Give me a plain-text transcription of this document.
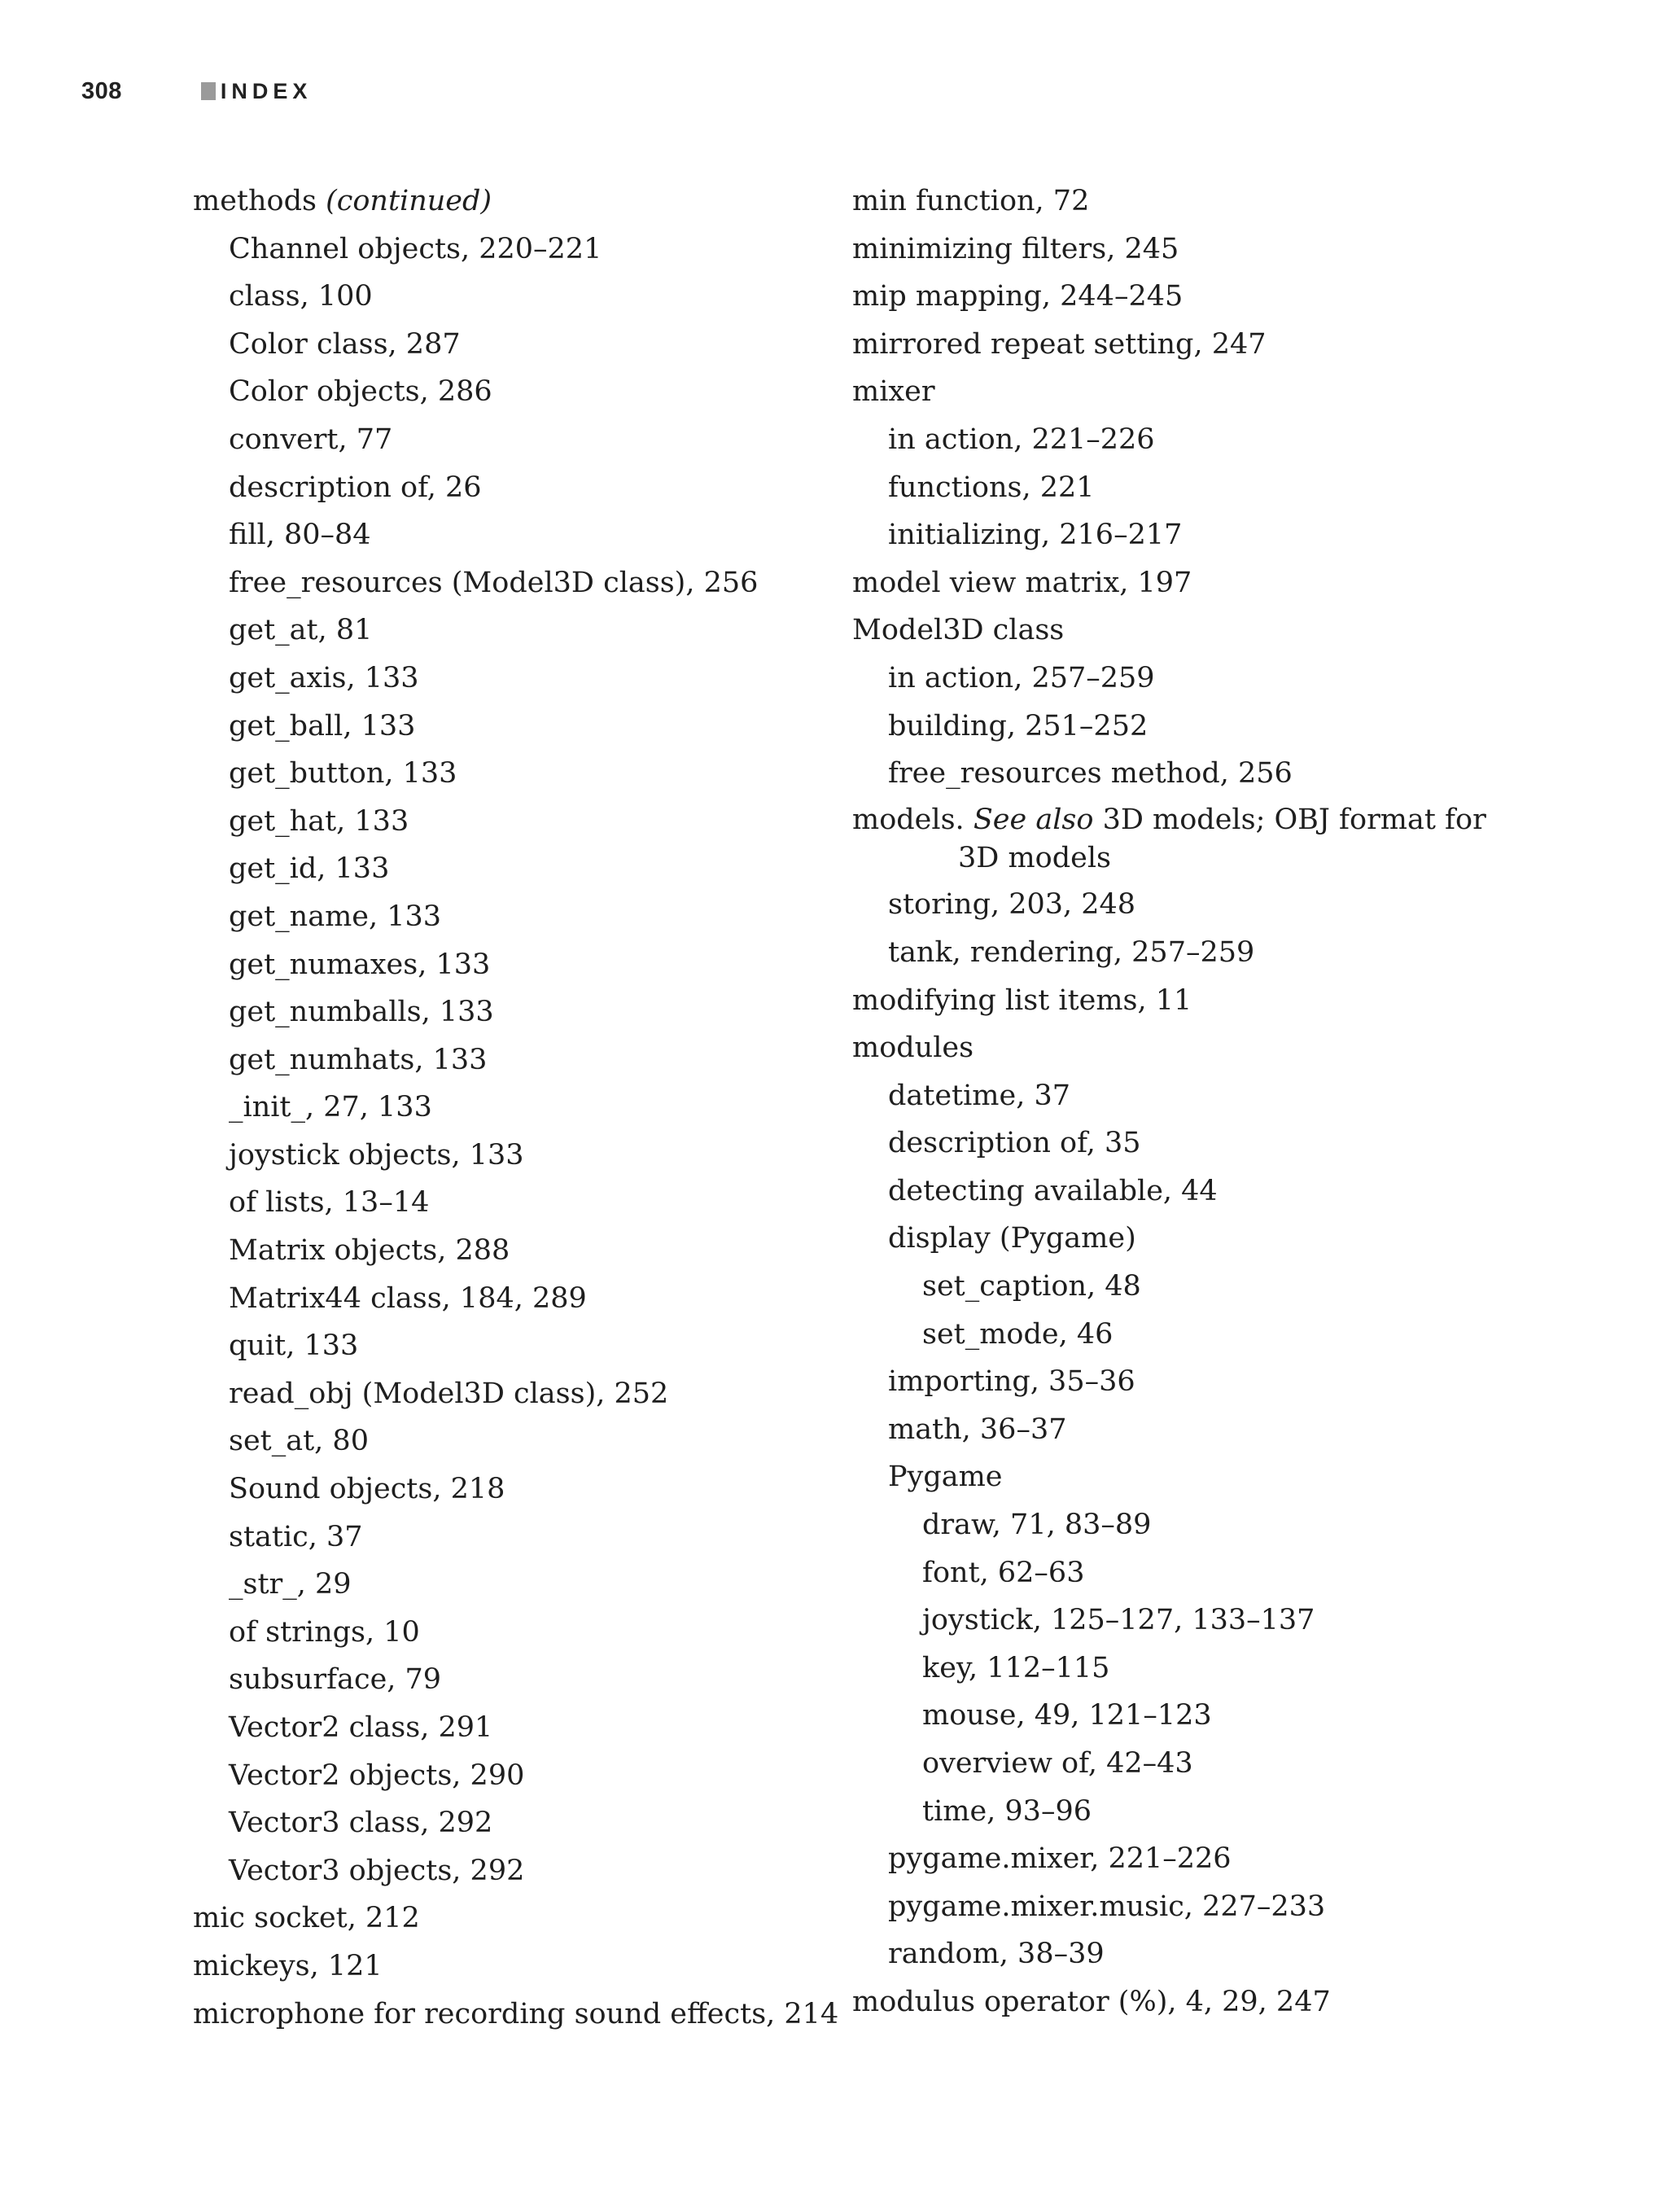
308	INDEX
methods (continued)
Channel objects, 220–221
class, 100
Color class, 287
Color objects, 286
convert, 77
description of, 26
fill, 80–84
free_resources (Model3D class), 256
get_at, 81
get_axis, 133
get_ball, 133
get_button, 133
get_hat, 133
get_id, 133
get_name, 133
get_numaxes, 133
get_numballs, 133
get_numhats, 133
_init_, 27, 133
joystick objects, 133
of lists, 13–14
Matrix objects, 288
Matrix44 class, 184, 289
quit, 133
read_obj (Model3D class), 252
set_at, 80
Sound objects, 218
static, 37
_str_, 29
of strings, 10
subsurface, 79
Vector2 class, 291
Vector2 objects, 290
Vector3 class, 292
Vector3 objects, 292
mic socket, 212
mickeys, 121
microphone for recording sound effects, 214
min function, 72
minimizing filters, 245
mip mapping, 244–245
mirrored repeat setting, 247
mixer
in action, 221–226
functions, 221
initializing, 216–217
model view matrix, 197
Model3D class
in action, 257–259
building, 251–252
free_resources method, 256
models. See also 3D models; OBJ format for
3D models
storing, 203, 248
tank, rendering, 257–259
modifying list items, 11
modules
datetime, 37
description of, 35
detecting available, 44
display (Pygame)
set_caption, 48
set_mode, 46
importing, 35–36
math, 36–37
Pygame
draw, 71, 83–89
font, 62–63
joystick, 125–127, 133–137
key, 112–115
mouse, 49, 121–123
overview of, 42–43
time, 93–96
pygame.mixer, 221–226
pygame.mixer.music, 227–233
random, 38–39
modulus operator (%), 4, 29, 247
